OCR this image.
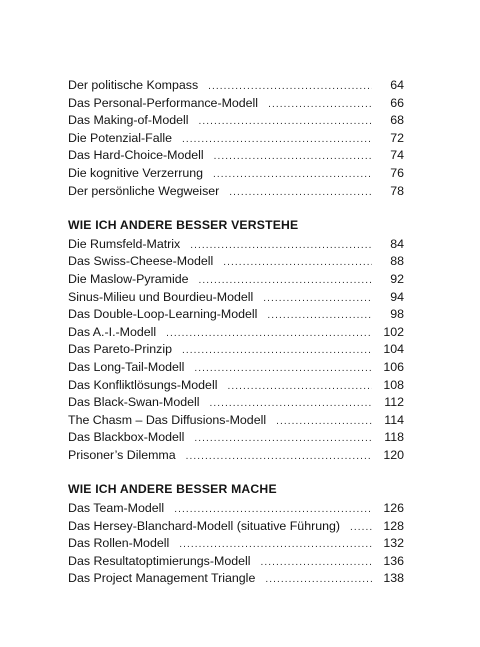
Der politische Kompass .....	64
Das Personal-Performance-Modell .....	66
Das Making-of-Modell .....	68
Die Potenzial-Falle .....	72
Das Hard-Choice-Modell .....	74
Die kognitive Verzerrung .....	76
Der persönliche Wegweiser .....	78
WIE ICH ANDERE BESSER VERSTEHE
Die Rumsfeld-Matrix .....	84
Das Swiss-Cheese-Modell .....	88
Die Maslow-Pyramide .....	92
Sinus-Milieu und Bourdieu-Modell .....	94
Das Double-Loop-Learning-Modell .....	98
Das A.-I.-Modell .....	102
Das Pareto-Prinzip .....	104
Das Long-Tail-Modell .....	106
Das Konfliktlösungs-Modell .....	108
Das Black-Swan-Modell .....	112
The Chasm – Das Diffusions-Modell .....	114
Das Blackbox-Modell .....	118
Prisoner’s Dilemma .....	120
WIE ICH ANDERE BESSER MACHE
Das Team-Modell .....	126
Das Hersey-Blanchard-Modell (situative Führung) .....	128
Das Rollen-Modell .....	132
Das Resultatoptimierungs-Modell .....	136
Das Project Management Triangle .....	138
